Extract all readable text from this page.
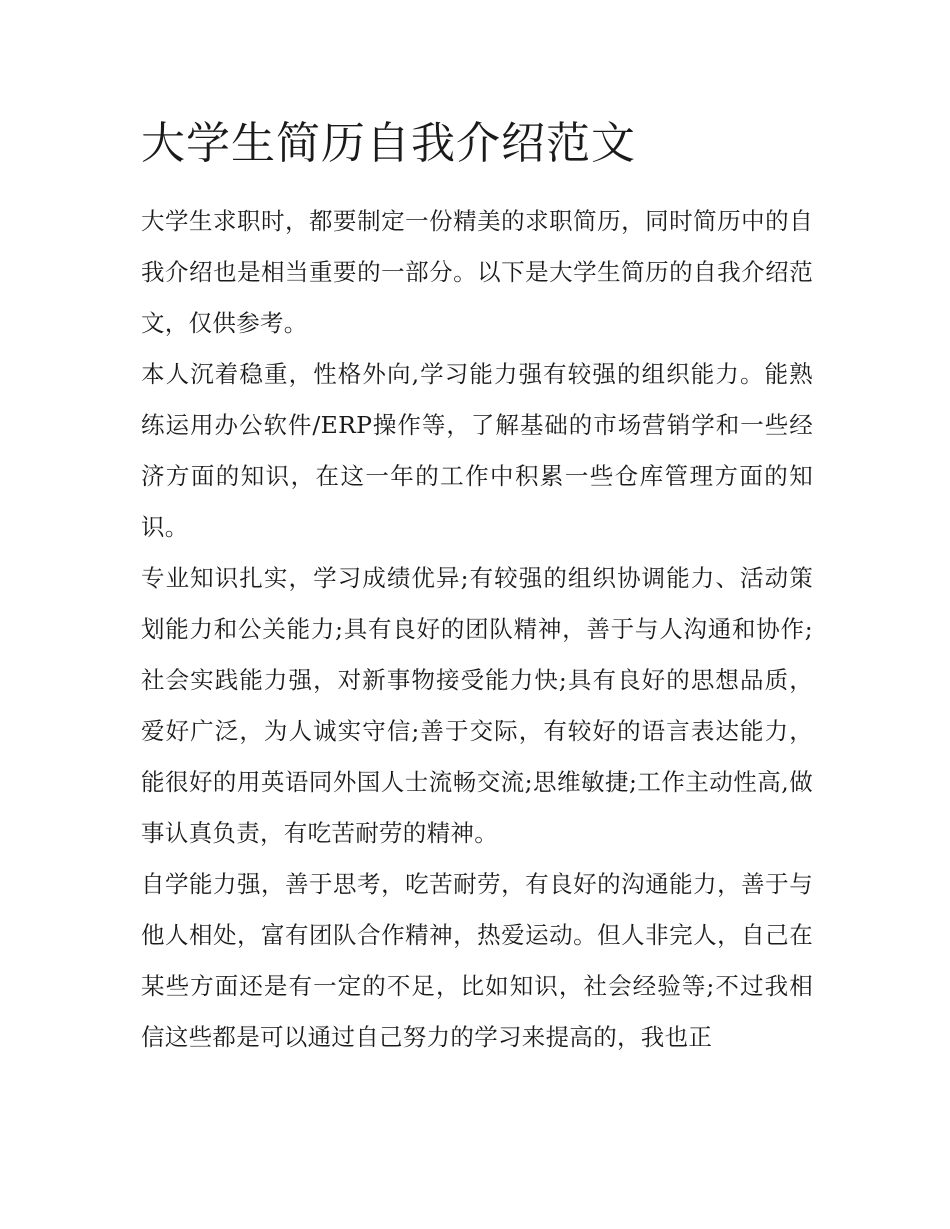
大学生简历自我介绍范文

大学生求职时，都要制定一份精美的求职简历，同时简历中的自我介绍也是相当重要的一部分。以下是大学生简历的自我介绍范文，仅供参考。

本人沉着稳重，性格外向,学习能力强有较强的组织能力。能熟练运用办公软件/ERP操作等，了解基础的市场营销学和一些经济方面的知识，在这一年的工作中积累一些仓库管理方面的知识。

专业知识扎实，学习成绩优异;有较强的组织协调能力、活动策划能力和公关能力;具有良好的团队精神，善于与人沟通和协作;社会实践能力强，对新事物接受能力快;具有良好的思想品质，爱好广泛，为人诚实守信;善于交际，有较好的语言表达能力，能很好的用英语同外国人士流畅交流;思维敏捷;工作主动性高,做事认真负责，有吃苦耐劳的精神。

自学能力强，善于思考，吃苦耐劳，有良好的沟通能力，善于与他人相处，富有团队合作精神，热爱运动。但人非完人，自己在某些方面还是有一定的不足，比如知识，社会经验等;不过我相信这些都是可以通过自己努力的学习来提高的，我也正
